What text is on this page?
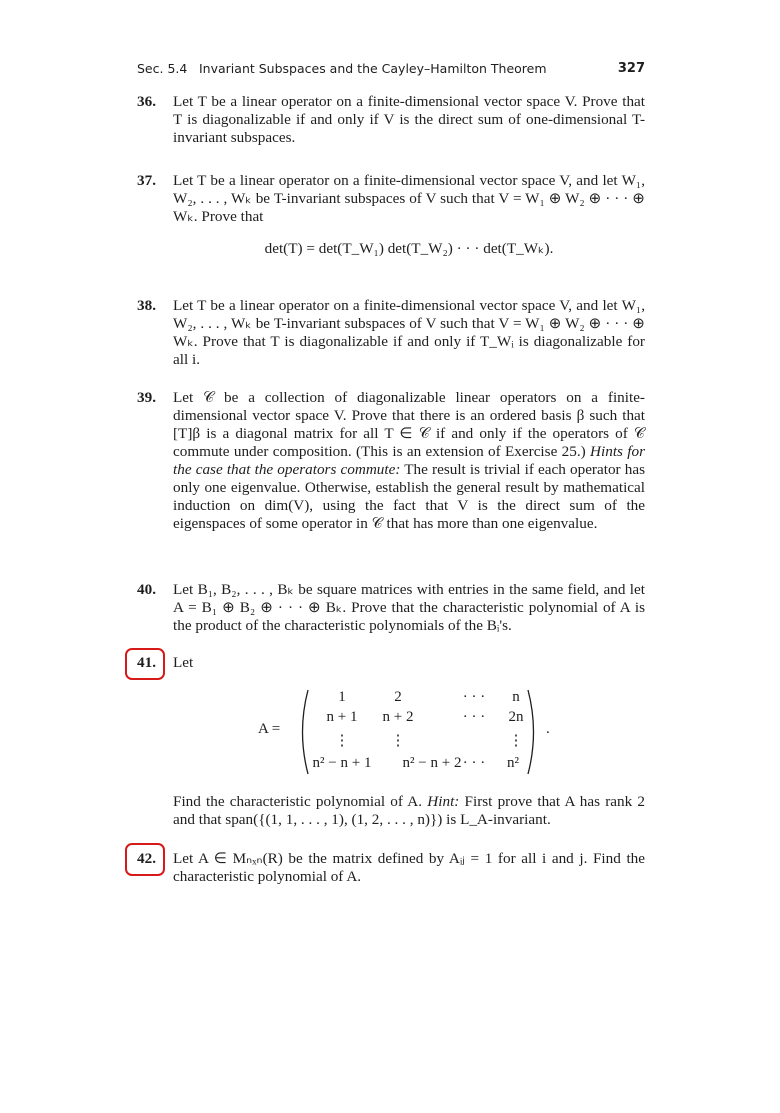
Sec. 5.4 Invariant Subspaces and the Cayley–Hamilton Theorem	327
36.	Let T be a linear operator on a finite-dimensional vector space V. Prove that T is diagonalizable if and only if V is the direct sum of one-dimensional T-invariant subspaces.
37.	Let T be a linear operator on a finite-dimensional vector space V, and let W₁, W₂, . . . , Wₖ be T-invariant subspaces of V such that V = W₁ ⊕ W₂ ⊕ · · · ⊕ Wₖ. Prove that
det(T) = det(T_W₁) det(T_W₂) · · · det(T_Wₖ).
38.	Let T be a linear operator on a finite-dimensional vector space V, and let W₁, W₂, . . . , Wₖ be T-invariant subspaces of V such that V = W₁ ⊕ W₂ ⊕ · · · ⊕ Wₖ. Prove that T is diagonalizable if and only if T_Wᵢ is diagonalizable for all i.
39.	Let 𝒞 be a collection of diagonalizable linear operators on a finite-dimensional vector space V. Prove that there is an ordered basis β such that [T]β is a diagonal matrix for all T ∈ 𝒞 if and only if the operators of 𝒞 commute under composition. (This is an extension of Exercise 25.) Hints for the case that the operators commute: The result is trivial if each operator has only one eigenvalue. Otherwise, establish the general result by mathematical induction on dim(V), using the fact that V is the direct sum of the eigenspaces of some operator in 𝒞 that has more than one eigenvalue.
40.	Let B₁, B₂, . . . , Bₖ be square matrices with entries in the same field, and let A = B₁ ⊕ B₂ ⊕ · · · ⊕ Bₖ. Prove that the characteristic polynomial of A is the product of the characteristic polynomials of the Bᵢ's.
41.	Let
A =
1	2	· · ·	n
n + 1	n + 2	· · ·	2n
⋮	⋮	⋮
n² − n + 1	n² − n + 2 · · ·	n²
.
Find the characteristic polynomial of A. Hint: First prove that A has rank 2 and that span({(1, 1, . . . , 1), (1, 2, . . . , n)}) is L_A-invariant.
42.	Let A ∈ Mₙₓₙ(R) be the matrix defined by Aᵢⱼ = 1 for all i and j. Find the characteristic polynomial of A.
